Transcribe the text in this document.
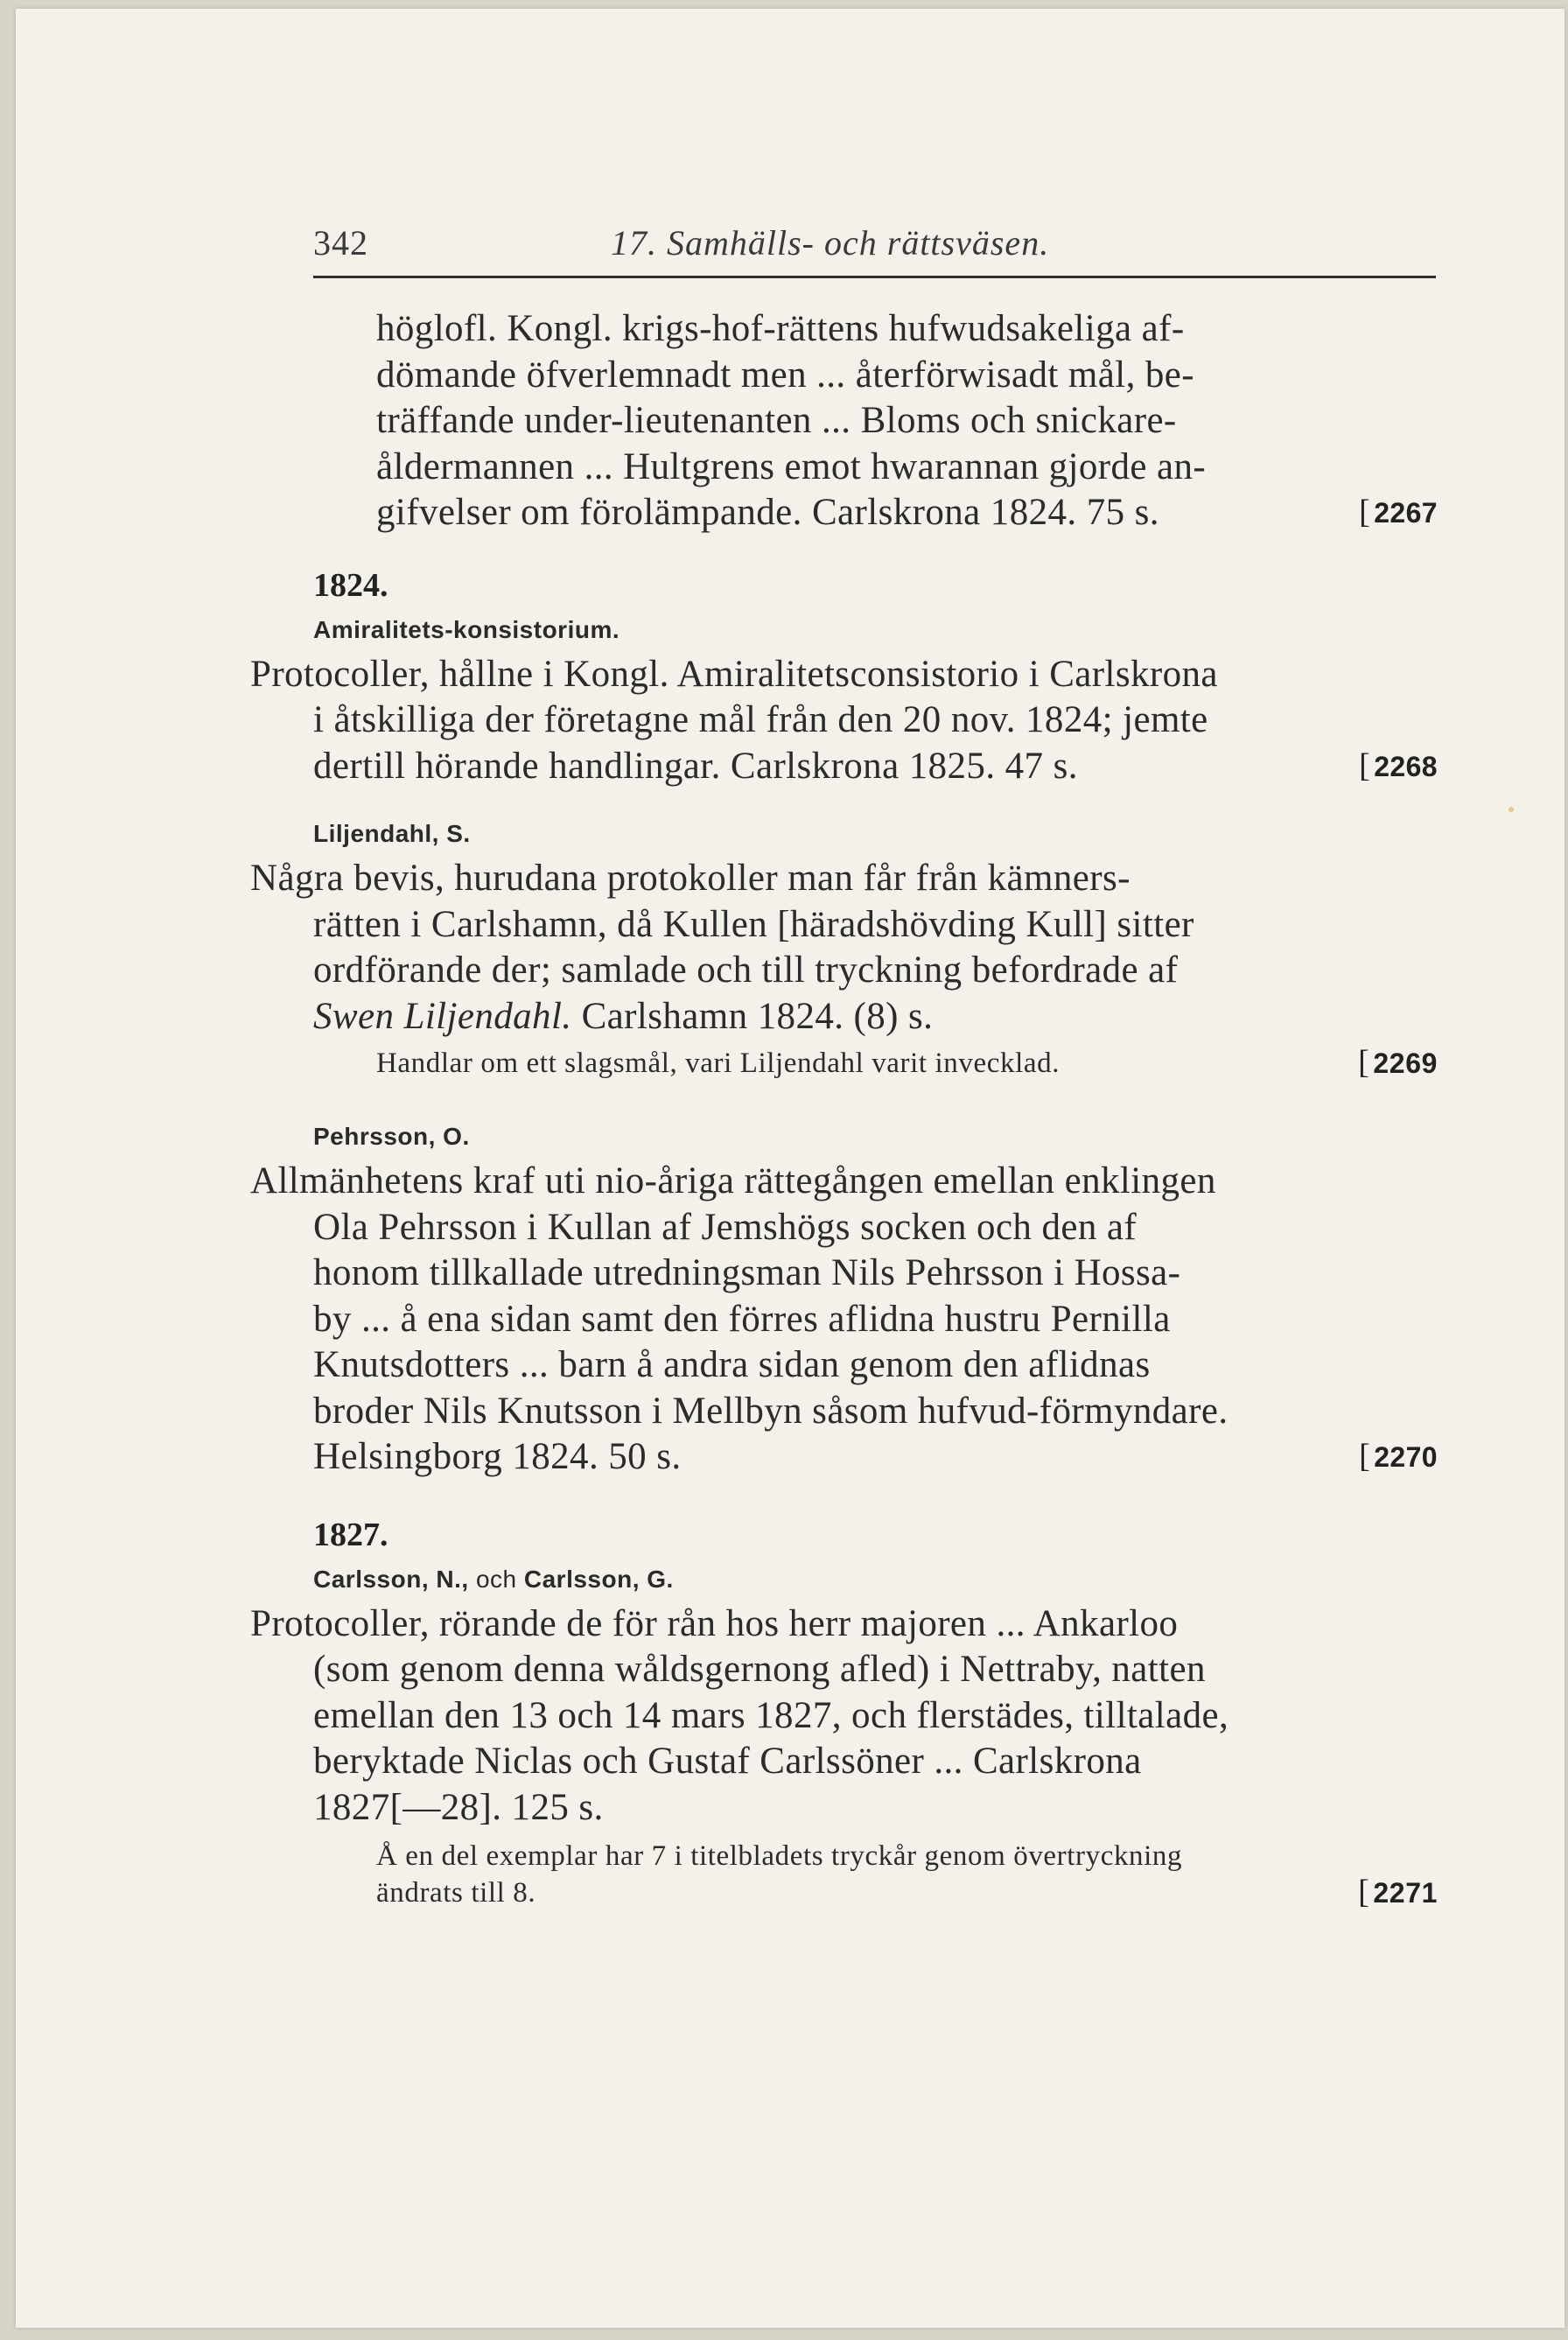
342	17. Samhälls- och rättsväsen.
höglofl. Kongl. krigs-hof-rättens hufwudsakeliga af-
dömande öfverlemnadt men ... återförwisadt mål, be-
träffande under-lieutenanten ... Bloms och snickare-
åldermannen ... Hultgrens emot hwarannan gjorde an-
gifvelser om förolämpande. Carlskrona 1824. 75 s.	[ 2267
1824.
Amiralitets-konsistorium.
Protocoller, hållne i Kongl. Amiralitetsconsistorio i Carlskrona
i åtskilliga der företagne mål från den 20 nov. 1824; jemte
dertill hörande handlingar. Carlskrona 1825. 47 s.	[ 2268
Liljendahl, S.
Några bevis, hurudana protokoller man får från kämners-
rätten i Carlshamn, då Kullen [häradshövding Kull] sitter
ordförande der; samlade och till tryckning befordrade af
Swen Liljendahl. Carlshamn 1824. (8) s.
Handlar om ett slagsmål, vari Liljendahl varit invecklad.	[ 2269
Pehrsson, O.
Allmänhetens kraf uti nio-åriga rättegången emellan enklingen
Ola Pehrsson i Kullan af Jemshögs socken och den af
honom tillkallade utredningsman Nils Pehrsson i Hossa-
by ... å ena sidan samt den förres aflidna hustru Pernilla
Knutsdotters ... barn å andra sidan genom den aflidnas
broder Nils Knutsson i Mellbyn såsom hufvud-förmyndare.
Helsingborg 1824. 50 s.	[ 2270
1827.
Carlsson, N., och Carlsson, G.
Protocoller, rörande de för rån hos herr majoren ... Ankarloo
(som genom denna wåldsgernong afled) i Nettraby, natten
emellan den 13 och 14 mars 1827, och flerstädes, tilltalade,
beryktade Niclas och Gustaf Carlssöner ... Carlskrona
1827[—28]. 125 s.
Å en del exemplar har 7 i titelbladets tryckår genom övertryckning
ändrats till 8.	[ 2271
